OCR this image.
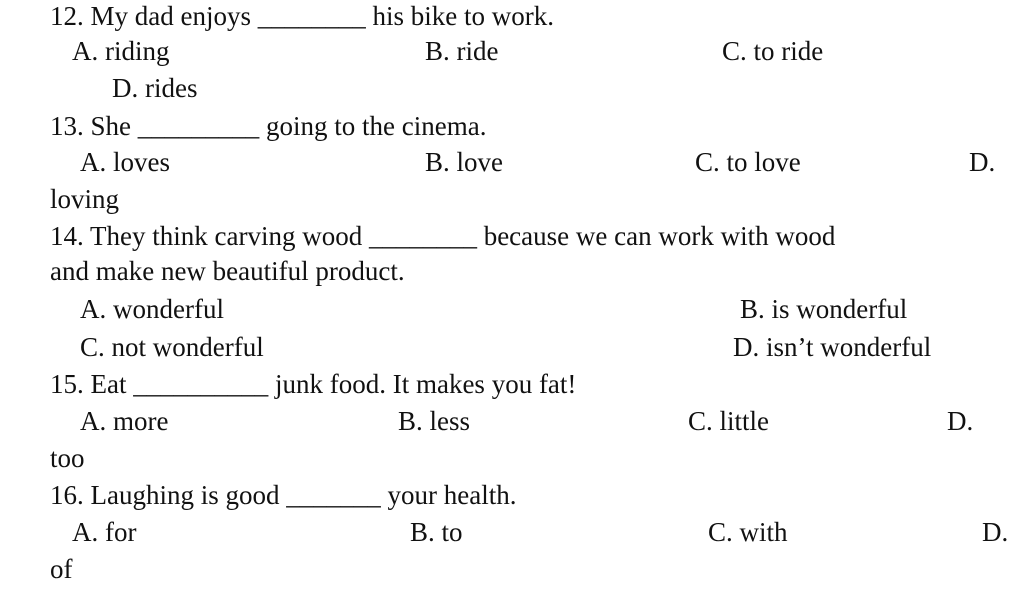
12. My dad enjoys ________ his bike to work.
A. riding	B. ride	C. to ride
D. rides
13. She _________ going to the cinema.
A. loves	B. love	C. to love	D.
loving
14. They think carving wood ________ because we can work with wood
and make new beautiful product.
A. wonderful	B. is wonderful
C. not wonderful	D. isn’t wonderful
15. Eat __________ junk food. It makes you fat!
A. more	B. less	C. little	D.
too
16. Laughing is good _______ your health.
A. for	B. to	C. with	D.
of
